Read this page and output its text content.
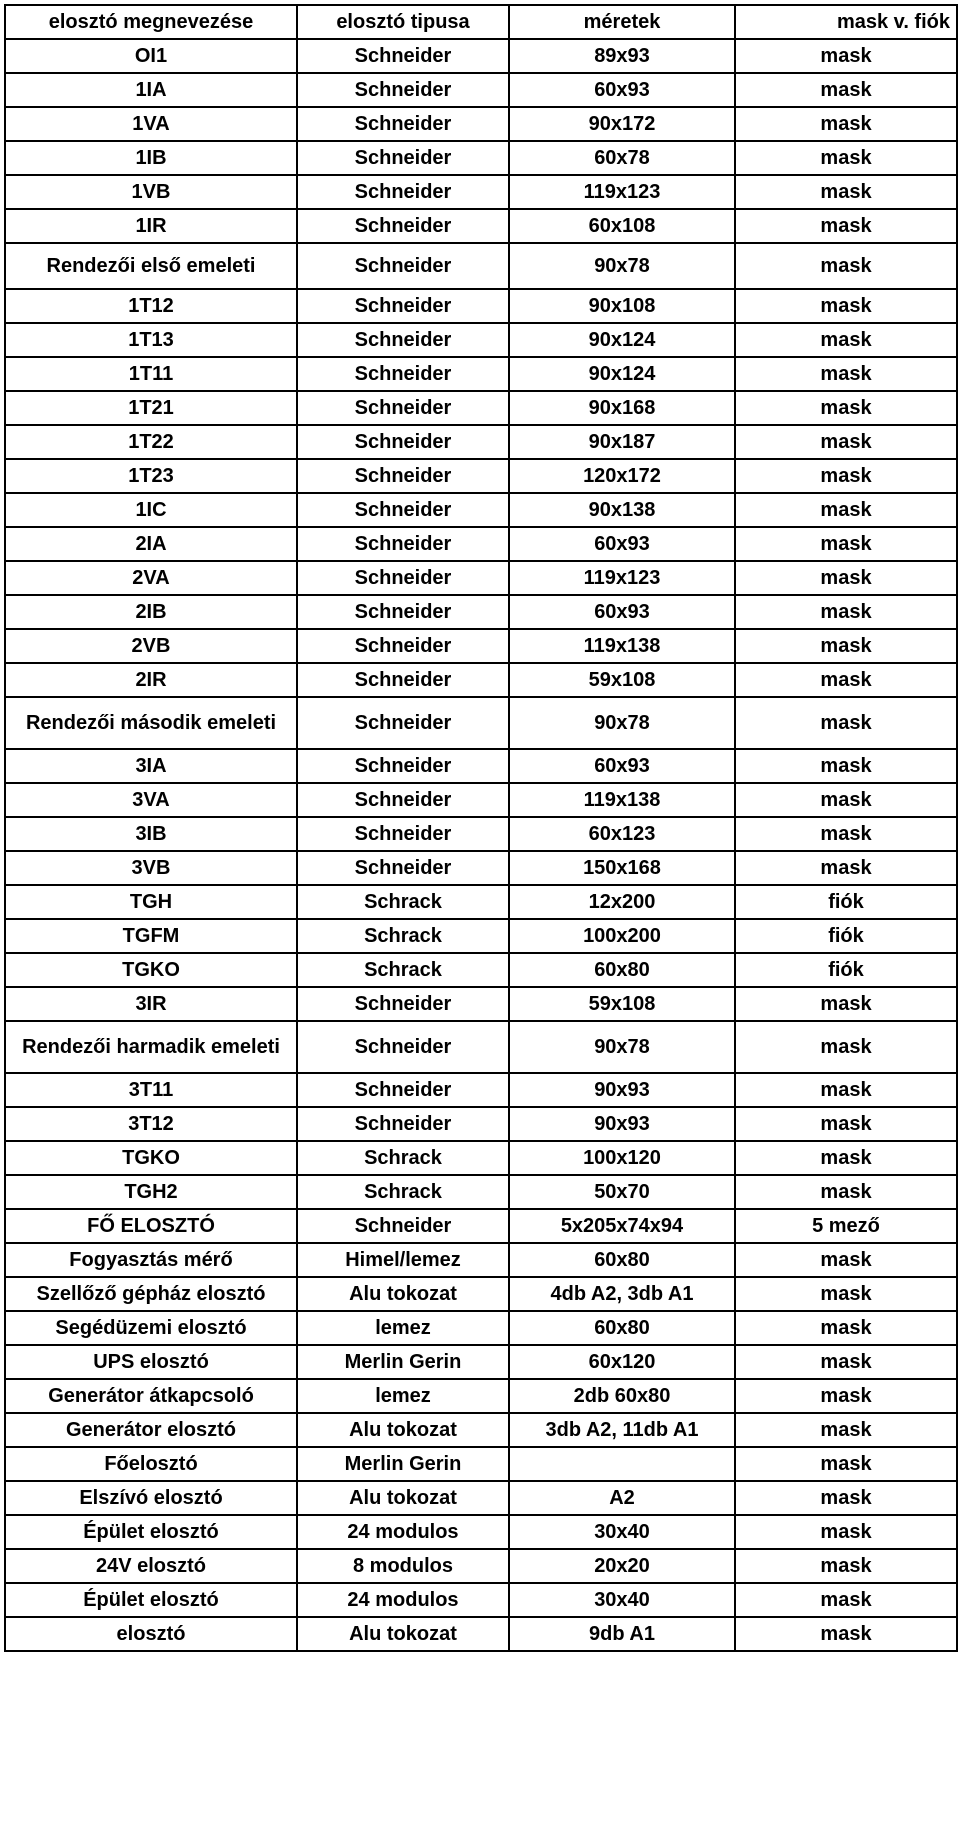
elosztó megnevezése	elosztó tipusa	méretek	mask v. fiók
OI1	Schneider	89x93	mask
1IA	Schneider	60x93	mask
1VA	Schneider	90x172	mask
1IB	Schneider	60x78	mask
1VB	Schneider	119x123	mask
1IR	Schneider	60x108	mask
Rendezői első emeleti	Schneider	90x78	mask
1T12	Schneider	90x108	mask
1T13	Schneider	90x124	mask
1T11	Schneider	90x124	mask
1T21	Schneider	90x168	mask
1T22	Schneider	90x187	mask
1T23	Schneider	120x172	mask
1IC	Schneider	90x138	mask
2IA	Schneider	60x93	mask
2VA	Schneider	119x123	mask
2IB	Schneider	60x93	mask
2VB	Schneider	119x138	mask
2IR	Schneider	59x108	mask
Rendezői második emeleti	Schneider	90x78	mask
3IA	Schneider	60x93	mask
3VA	Schneider	119x138	mask
3IB	Schneider	60x123	mask
3VB	Schneider	150x168	mask
TGH	Schrack	12x200	fiók
TGFM	Schrack	100x200	fiók
TGKO	Schrack	60x80	fiók
3IR	Schneider	59x108	mask
Rendezői harmadik emeleti	Schneider	90x78	mask
3T11	Schneider	90x93	mask
3T12	Schneider	90x93	mask
TGKO	Schrack	100x120	mask
TGH2	Schrack	50x70	mask
FŐ ELOSZTÓ	Schneider	5x205x74x94	5 mező
Fogyasztás mérő	Himel/lemez	60x80	mask
Szellőző gépház elosztó	Alu tokozat	4db A2, 3db A1	mask
Segédüzemi elosztó	lemez	60x80	mask
UPS elosztó	Merlin Gerin	60x120	mask
Generátor átkapcsoló	lemez	2db 60x80	mask
Generátor elosztó	Alu tokozat	3db A2, 11db A1	mask
Főelosztó	Merlin Gerin		mask
Elszívó elosztó	Alu tokozat	A2	mask
Épület elosztó	24 modulos	30x40	mask
24V elosztó	8 modulos	20x20	mask
Épület elosztó	24 modulos	30x40	mask
elosztó	Alu tokozat	9db A1	mask
